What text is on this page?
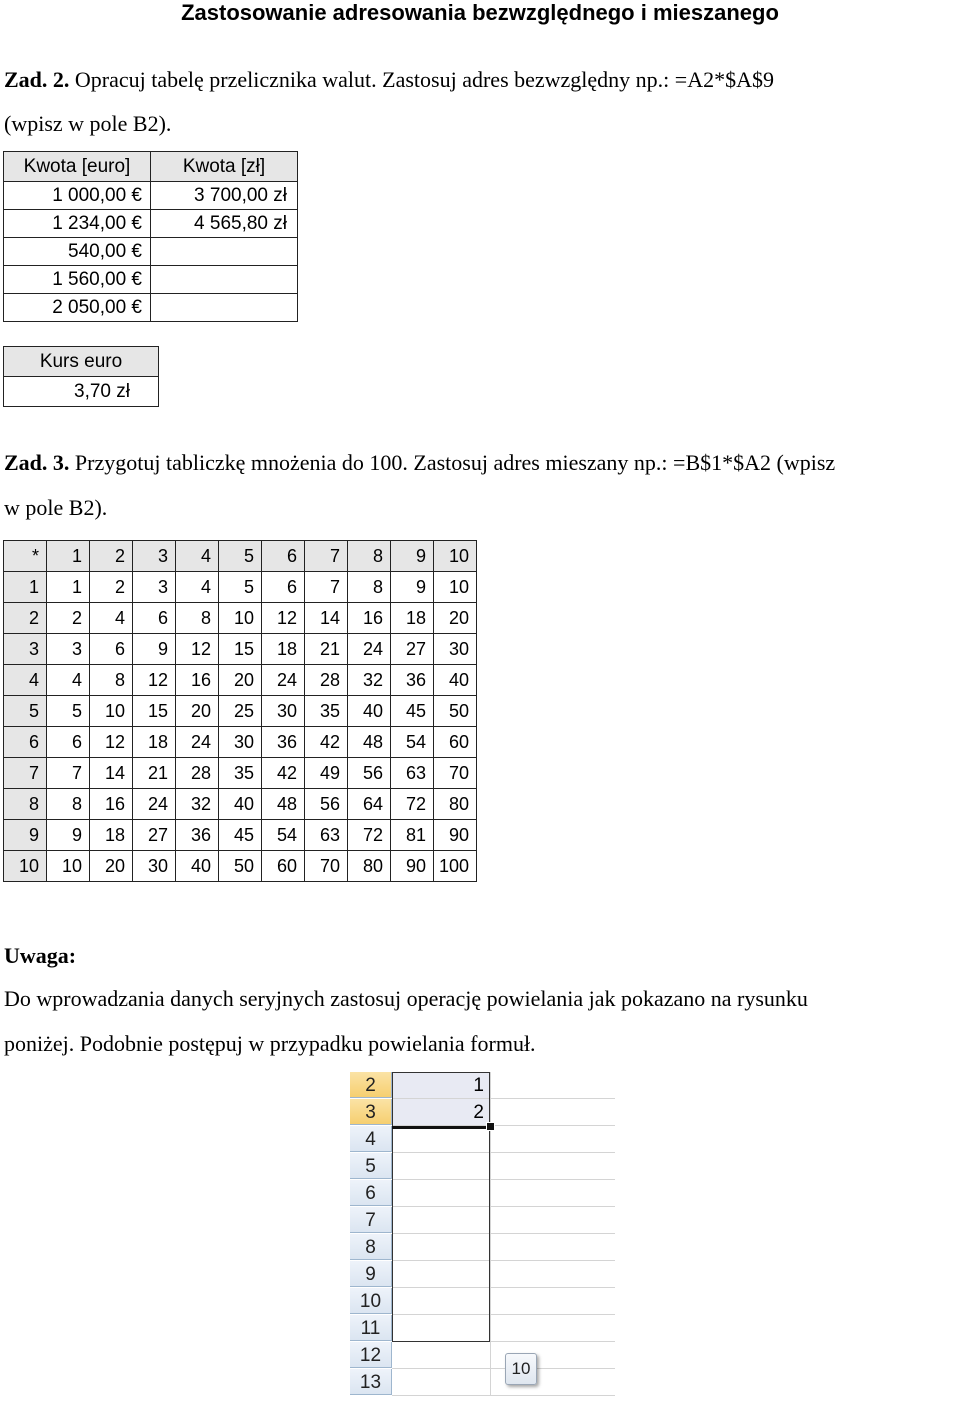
Zastosowanie adresowania bezwzględnego i mieszanego
Zad. 2. Opracuj tabelę przelicznika walut. Zastosuj adres bezwzględny np.: =A2*$A$9
(wpisz w pole B2).
Kwota [euro]	Kwota [zł]
1 000,00 €	3 700,00 zł
1 234,00 €	4 565,80 zł
540,00 €	
1 560,00 €	
2 050,00 €	
Kurs euro
3,70 zł
Zad. 3. Przygotuj tabliczkę mnożenia do 100. Zastosuj adres mieszany np.: =B$1*$A2 (wpisz
w pole B2).
*	1	2	3	4	5	6	7	8	9	10
1	1	2	3	4	5	6	7	8	9	10
2	2	4	6	8	10	12	14	16	18	20
3	3	6	9	12	15	18	21	24	27	30
4	4	8	12	16	20	24	28	32	36	40
5	5	10	15	20	25	30	35	40	45	50
6	6	12	18	24	30	36	42	48	54	60
7	7	14	21	28	35	42	49	56	63	70
8	8	16	24	32	40	48	56	64	72	80
9	9	18	27	36	45	54	63	72	81	90
10	10	20	30	40	50	60	70	80	90	100
Uwaga:
Do wprowadzania danych seryjnych zastosuj operację powielania jak pokazano na rysunku
poniżej. Podobnie postępuj w przypadku powielania formuł.
2	1
3	2
4
5
6
7
8
9
10
11
12
13
10
